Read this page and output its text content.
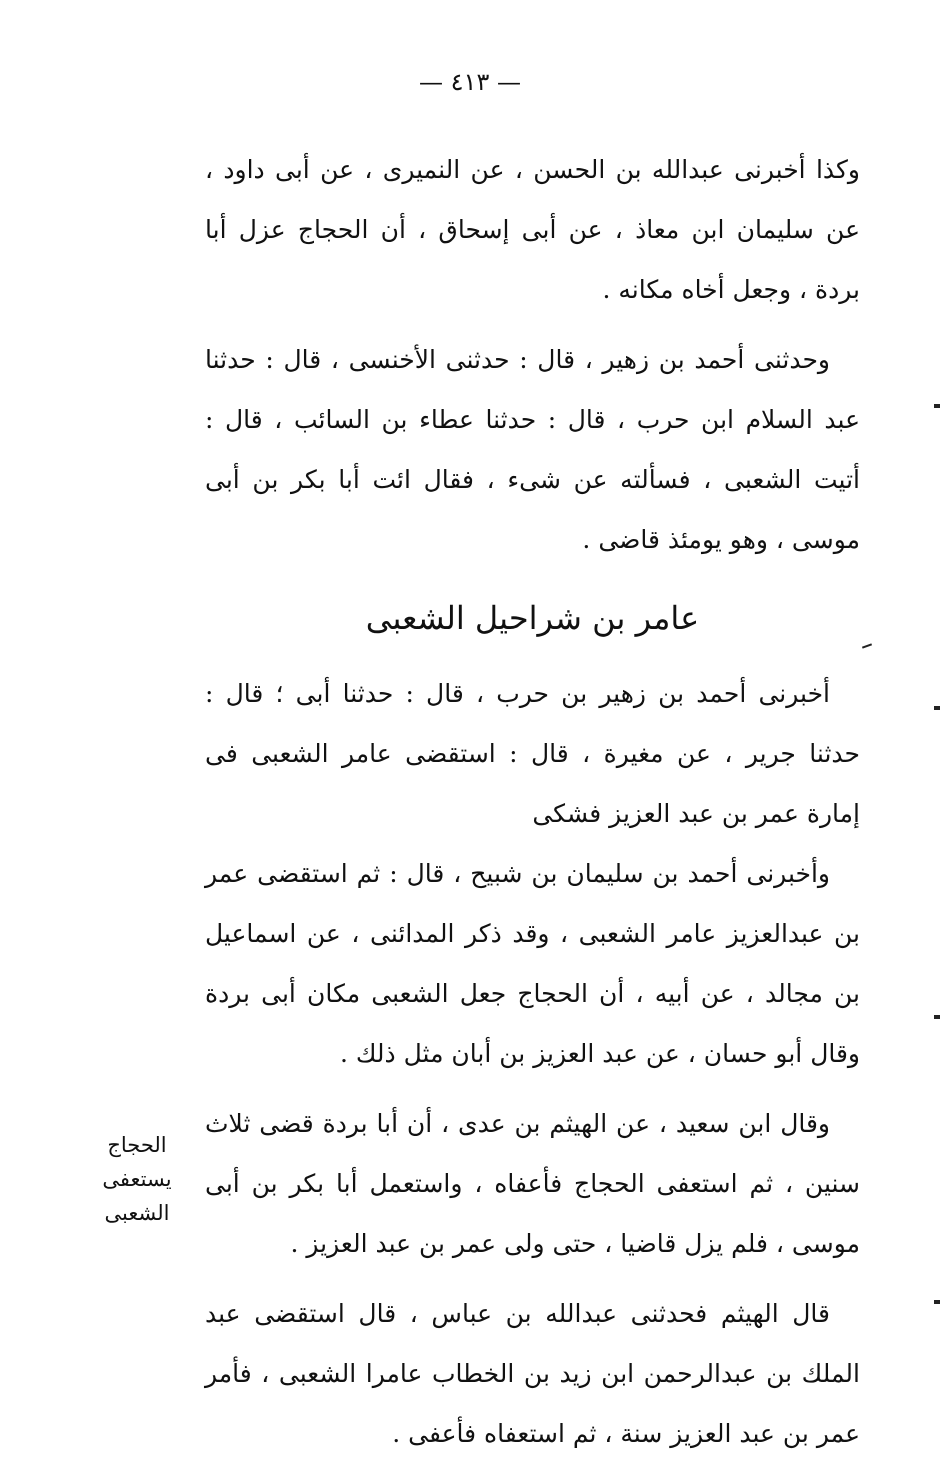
— ٤١٣ —

وكذا أخبرنى عبدالله بن الحسن ، عن النميرى ، عن أبى داود ، عن سليمان ابن معاذ ، عن أبى إسحاق ، أن الحجاج عزل أبا بردة ، وجعل أخاه مكانه .

وحدثنى أحمد بن زهير ، قال : حدثنى الأخنسى ، قال : حدثنا عبد السلام ابن حرب ، قال : حدثنا عطاء بن السائب ، قال : أتيت الشعبى ، فسألته عن شىء ، فقال ائت أبا بكر بن أبى موسى ، وهو يومئذ قاضى .

عامر بن شراحيل الشعبى

أخبرنى أحمد بن زهير بن حرب ، قال : حدثنا أبى ؛ قال : حدثنا جرير ، عن مغيرة ، قال : استقضى عامر الشعبى فى إمارة عمر بن عبد العزيز فشكى

وأخبرنى أحمد بن سليمان بن شبيح ، قال : ثم استقضى عمر بن عبدالعزيز عامر الشعبى ، وقد ذكر المدائنى ، عن اسماعيل بن مجالد ، عن أبيه ، أن الحجاج جعل الشعبى مكان أبى بردة وقال أبو حسان ، عن عبد العزيز بن أبان مثل ذلك .

وقال ابن سعيد ، عن الهيثم بن عدى ، أن أبا بردة قضى ثلاث سنين ، ثم استعفى الحجاج فأعفاه ، واستعمل أبا بكر بن أبى موسى ، فلم يزل قاضيا ، حتى ولى عمر بن عبد العزيز .

قال الهيثم فحدثنى عبدالله بن عباس ، قال استقضى عبد الملك بن عبدالرحمن ابن زيد بن الخطاب عامرا الشعبى ، فأمر عمر بن عبد العزيز سنة ، ثم استعفاه فأعفى .

الحجاج
يستعفى
الشعبى
